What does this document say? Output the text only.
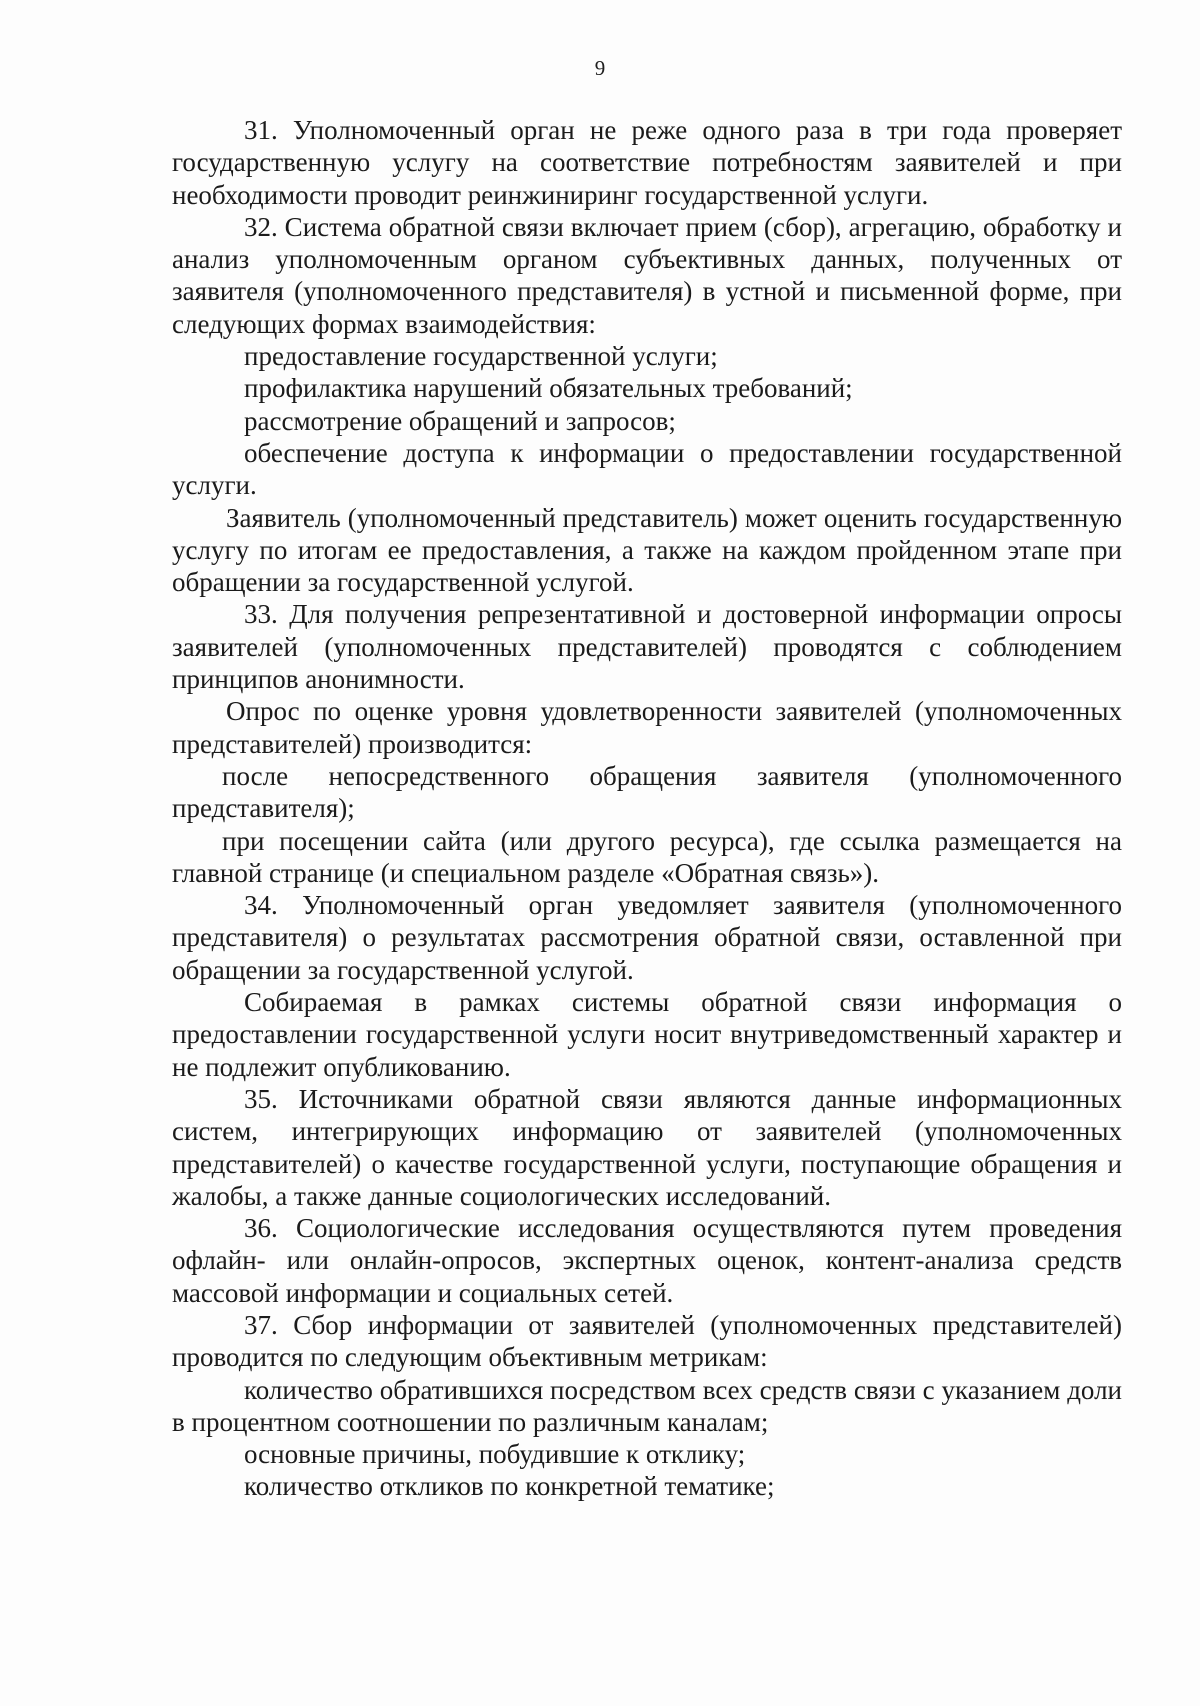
9

31. Уполномоченный орган не реже одного раза в три года проверяет государственную услугу на соответствие потребностям заявителей и при необходимости проводит реинжиниринг государственной услуги.

32. Система обратной связи включает прием (сбор), агрегацию, обработку и анализ уполномоченным органом субъективных данных, полученных от заявителя (уполномоченного представителя) в устной и письменной форме, при следующих формах взаимодействия:

предоставление государственной услуги;

профилактика нарушений обязательных требований;

рассмотрение обращений и запросов;

обеспечение доступа к информации о предоставлении государственной услуги.

Заявитель (уполномоченный представитель) может оценить государственную услугу по итогам ее предоставления, а также на каждом пройденном этапе при обращении за государственной услугой.

33. Для получения репрезентативной и достоверной информации опросы заявителей (уполномоченных представителей) проводятся с соблюдением принципов анонимности.

Опрос по оценке уровня удовлетворенности заявителей (уполномоченных представителей) производится:

после непосредственного обращения заявителя (уполномоченного представителя);

при посещении сайта (или другого ресурса), где ссылка размещается на главной странице (и специальном разделе «Обратная связь»).

34. Уполномоченный орган уведомляет заявителя (уполномоченного представителя) о результатах рассмотрения обратной связи, оставленной при обращении за государственной услугой.

Собираемая в рамках системы обратной связи информация о предоставлении государственной услуги носит внутриведомственный характер и не подлежит опубликованию.

35. Источниками обратной связи являются данные информационных систем, интегрирующих информацию от заявителей (уполномоченных представителей) о качестве государственной услуги, поступающие обращения и жалобы, а также данные социологических исследований.

36. Социологические исследования осуществляются путем проведения офлайн- или онлайн-опросов, экспертных оценок, контент-анализа средств массовой информации и социальных сетей.

37. Сбор информации от заявителей (уполномоченных представителей) проводится по следующим объективным метрикам:

количество обратившихся посредством всех средств связи с указанием доли в процентном соотношении по различным каналам;

основные причины, побудившие к отклику;

количество откликов по конкретной тематике;
